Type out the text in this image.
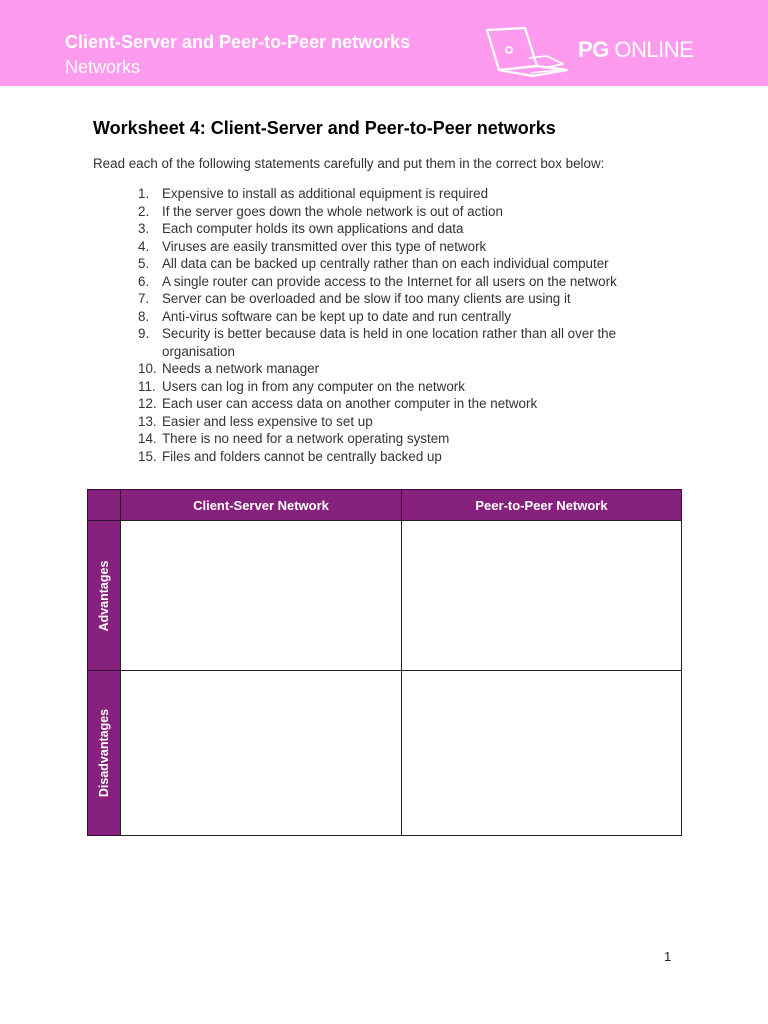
Client-Server and Peer-to-Peer networks
Networks
PG ONLINE
Worksheet 4: Client-Server and Peer-to-Peer networks
Read each of the following statements carefully and put them in the correct box below:
1. Expensive to install as additional equipment is required
2. If the server goes down the whole network is out of action
3. Each computer holds its own applications and data
4. Viruses are easily transmitted over this type of network
5. All data can be backed up centrally rather than on each individual computer
6. A single router can provide access to the Internet for all users on the network
7. Server can be overloaded and be slow if too many clients are using it
8. Anti-virus software can be kept up to date and run centrally
9. Security is better because data is held in one location rather than all over the organisation
10. Needs a network manager
11. Users can log in from any computer on the network
12. Each user can access data on another computer in the network
13. Easier and less expensive to set up
14. There is no need for a network operating system
15. Files and folders cannot be centrally backed up
Client-Server Network	Peer-to-Peer Network
Advantages
Disadvantages
1
